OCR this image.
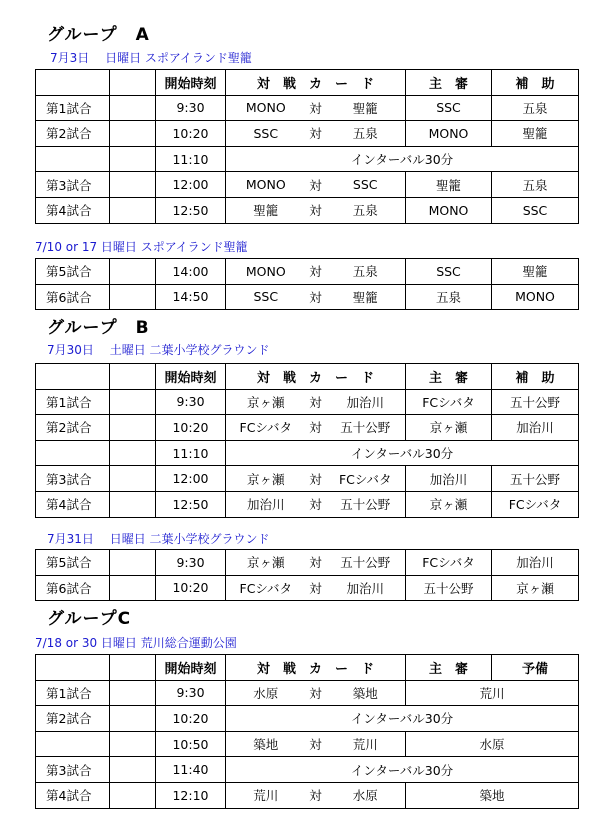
グループ　A
7月3日　 日曜日 スポアイランド聖籠
		開始時刻	対　戦　カ　ー　ド	主　審	補　助
第1試合		9:30	MONO 対 聖籠	SSC	五泉
第2試合		10:20	SSC 対 五泉	MONO	聖籠
		11:10	インターバル30分		
第3試合		12:00	MONO 対 SSC	聖籠	五泉
第4試合		12:50	聖籠 対 五泉	MONO	SSC
7/10 or 17 日曜日 スポアイランド聖籠
第5試合		14:00	MONO 対 五泉	SSC	聖籠
第6試合		14:50	SSC 対 聖籠	五泉	MONO
グループ　B
7月30日　 土曜日 二葉小学校グラウンド
		開始時刻	対　戦　カ　ー　ド	主　審	補　助
第1試合		9:30	京ヶ瀬 対 加治川	FCシバタ	五十公野
第2試合		10:20	FCシバタ 対 五十公野	京ヶ瀬	加治川
		11:10	インターバル30分		
第3試合		12:00	京ヶ瀬 対 FCシバタ	加治川	五十公野
第4試合		12:50	加治川 対 五十公野	京ヶ瀬	FCシバタ
7月31日　 日曜日 二葉小学校グラウンド
第5試合		9:30	京ヶ瀬 対 五十公野	FCシバタ	加治川
第6試合		10:20	FCシバタ 対 加治川	五十公野	京ヶ瀬
グループC
7/18 or 30 日曜日 荒川総合運動公園
		開始時刻	対　戦　カ　ー　ド	主　審	予備
第1試合		9:30	水原 対 築地	荒川	
第2試合		10:20	インターバル30分		
		10:50	築地 対 荒川	水原	
第3試合		11:40	インターバル30分		
第4試合		12:10	荒川 対 水原	築地	
